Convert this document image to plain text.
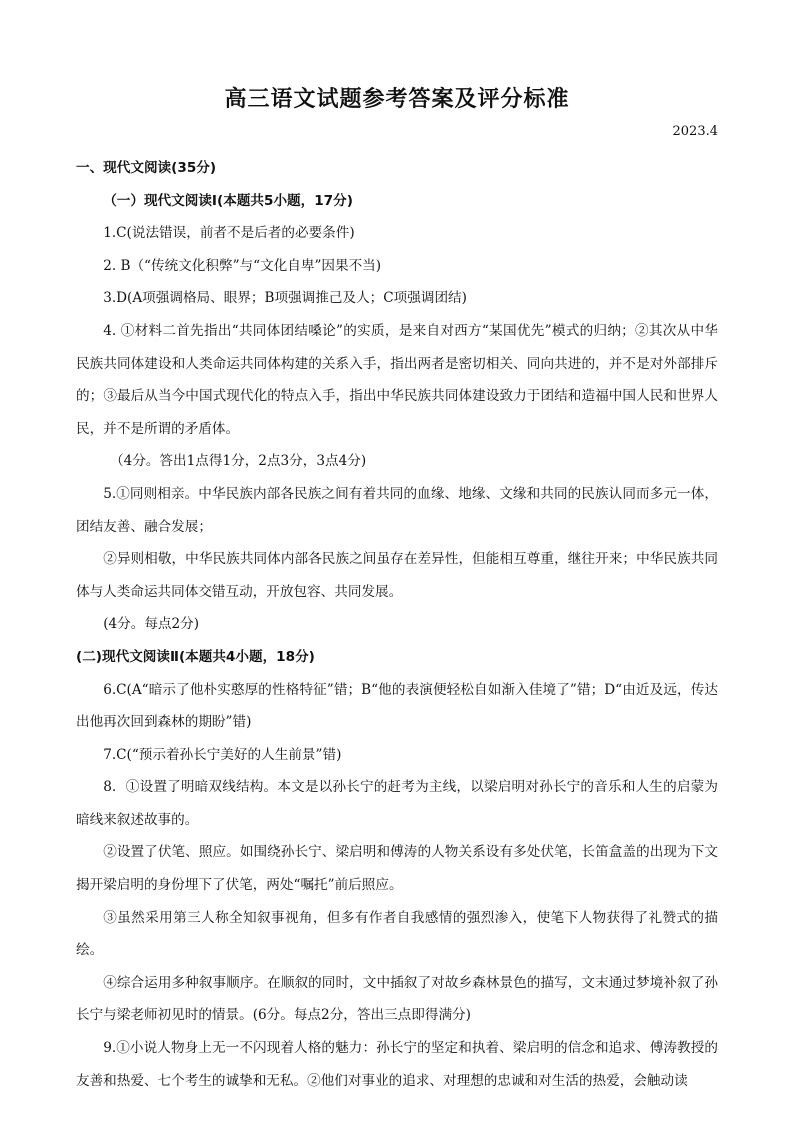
高三语文试题参考答案及评分标准
2023.4

一、现代文阅读(35分)

（一）现代文阅读Ⅰ(本题共5小题，17分)

1.C(说法错误，前者不是后者的必要条件)

2. B（“传统文化积弊”与“文化自卑”因果不当)

3.D(A项强调格局、眼界；B项强调推己及人；C项强调团结)

4. ①材料二首先指出“共同体团结嗓论”的实质，是来自对西方“某国优先”模式的归纳；②其次从中华民族共同体建设和人类命运共同体构建的关系入手，指出两者是密切相关、同向共进的，并不是对外部排斥的；③最后从当今中国式现代化的特点入手，指出中华民族共同体建设致力于团结和造福中国人民和世界人民，并不是所谓的矛盾体。

（4分。答出1点得1分，2点3分，3点4分)

5.①同则相亲。中华民族内部各民族之间有着共同的血缘、地缘、文缘和共同的民族认同而多元一体，团结友善、融合发展；

②异则相敬，中华民族共同体内部各民族之间虽存在差异性，但能相互尊重，继往开来；中华民族共同体与人类命运共同体交错互动，开放包容、共同发展。

(4分。每点2分)

(二)现代文阅读Ⅱ(本题共4小题，18分)

6.C(A“暗示了他朴实憨厚的性格特征”错；B“他的表演便轻松自如渐入佳境了”错；D“由近及远，传达出他再次回到森林的期盼”错)

7.C(“预示着孙长宁美好的人生前景”错)

8．①设置了明暗双线结构。本文是以孙长宁的赶考为主线，以梁启明对孙长宁的音乐和人生的启蒙为暗线来叙述故事的。

②设置了伏笔、照应。如围绕孙长宁、梁启明和傅涛的人物关系设有多处伏笔，长笛盒盖的出现为下文揭开梁启明的身份埋下了伏笔，两处“嘱托”前后照应。

③虽然采用第三人称全知叙事视角，但多有作者自我感情的强烈渗入，使笔下人物获得了礼赞式的描绘。

④综合运用多种叙事顺序。在顺叙的同时，文中插叙了对故乡森林景色的描写，文末通过梦境补叙了孙长宁与梁老师初见时的情景。(6分。每点2分，答出三点即得满分)

9.①小说人物身上无一不闪现着人格的魅力：孙长宁的坚定和执着、梁启明的信念和追求、傅涛教授的友善和热爱、七个考生的诚挚和无私。②他们对事业的追求、对理想的忠诚和对生活的热爱，会触动读
